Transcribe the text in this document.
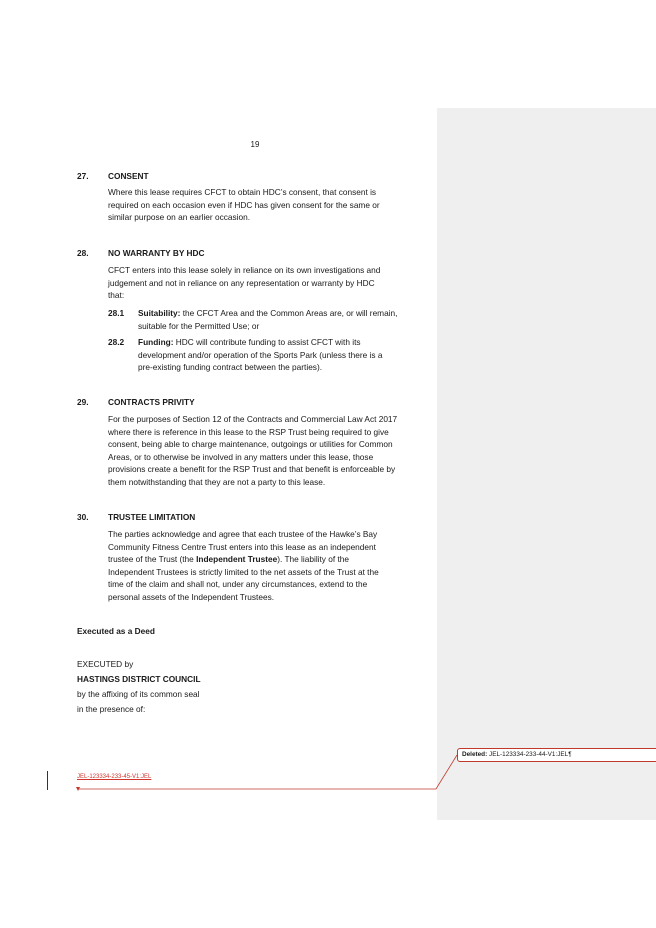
19
27. CONSENT
Where this lease requires CFCT to obtain HDC’s consent, that consent is
required on each occasion even if HDC has given consent for the same or
similar purpose on an earlier occasion.
28. NO WARRANTY BY HDC
CFCT enters into this lease solely in reliance on its own investigations and
judgement and not in reliance on any representation or warranty by HDC
that:
28.1 Suitability: the CFCT Area and the Common Areas are, or will remain,
suitable for the Permitted Use; or
28.2 Funding: HDC will contribute funding to assist CFCT with its
development and/or operation of the Sports Park (unless there is a
pre-existing funding contract between the parties).
29. CONTRACTS PRIVITY
For the purposes of Section 12 of the Contracts and Commercial Law Act 2017
where there is reference in this lease to the RSP Trust being required to give
consent, being able to charge maintenance, outgoings or utilities for Common
Areas, or to otherwise be involved in any matters under this lease, those
provisions create a benefit for the RSP Trust and that benefit is enforceable by
them notwithstanding that they are not a party to this lease.
30. TRUSTEE LIMITATION
The parties acknowledge and agree that each trustee of the Hawke’s Bay
Community Fitness Centre Trust enters into this lease as an independent
trustee of the Trust (the Independent Trustee). The liability of the
Independent Trustees is strictly limited to the net assets of the Trust at the
time of the claim and shall not, under any circumstances, extend to the
personal assets of the Independent Trustees.
Executed as a Deed
EXECUTED by
HASTINGS DISTRICT COUNCIL
by the affixing of its common seal
in the presence of:
JEL-123334-233-45-V1:JEL
Deleted: JEL-123334-233-44-V1:JEL¶
